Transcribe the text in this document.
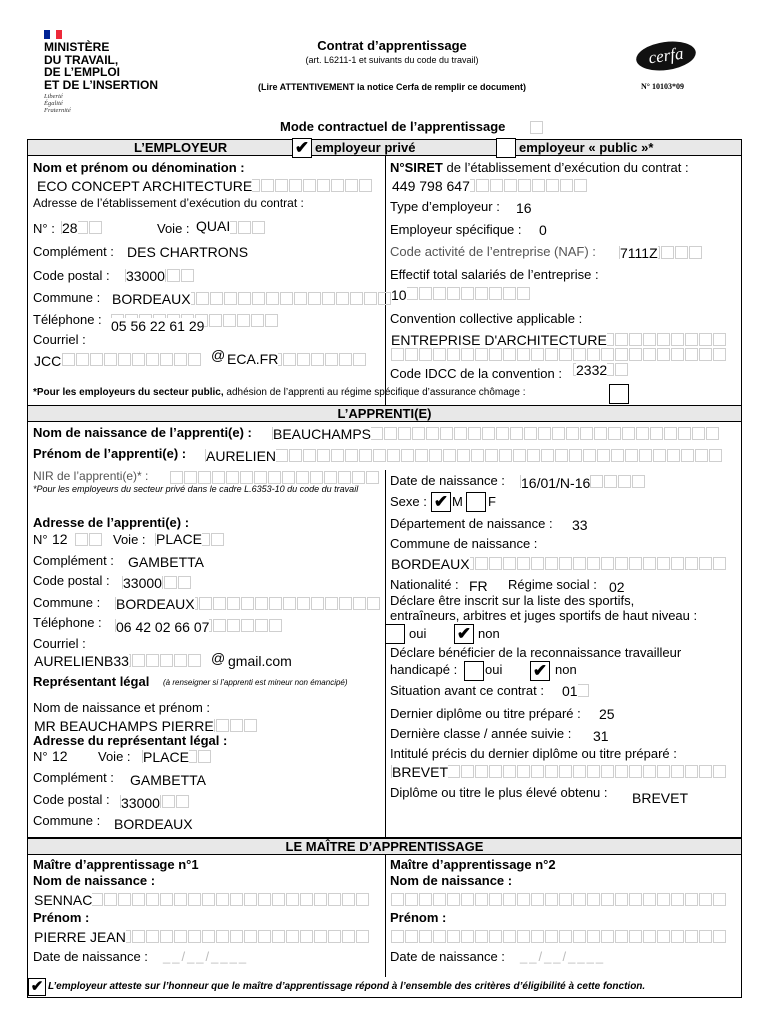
MINISTÈRE
DU TRAVAIL,
DE L’EMPLOI
ET DE L’INSERTION
Liberté
Égalité
Fraternité
Contrat d’apprentissage
(art. L6211-1 et suivants du code du travail)
(Lire ATTENTIVEMENT la notice Cerfa de remplir ce document)
cerfa
N° 10103*09
Mode contractuel de l’apprentissage
L’EMPLOYEUR	✔ employeur privé	employeur « public »*
Nom et prénom ou dénomination :
ECO CONCEPT ARCHITECTURE
Adresse de l’établissement d’exécution du contrat :
N° : 28	Voie : QUAI
Complément : DES CHARTRONS
Code postal : 33000
Commune : BORDEAUX
Téléphone : 05 56 22 61 29
Courriel :
JCC	@ ECA.FR
N°SIRET de l’établissement d’exécution du contrat :
449 798 647
Type d’employeur : 16
Employeur spécifique : 0
Code activité de l’entreprise (NAF) : 7111Z
Effectif total salariés de l’entreprise :
10
Convention collective applicable :
ENTREPRISE D'ARCHITECTURE
Code IDCC de la convention : 2332
*Pour les employeurs du secteur public, adhésion de l’apprenti au régime spécifique d’assurance chômage :
L’APPRENTI(E)
Nom de naissance de l’apprenti(e) : BEAUCHAMPS
Prénom de l’apprenti(e) : AURELIEN
NIR de l’apprenti(e)* :
*Pour les employeurs du secteur privé dans le cadre L.6353-10 du code du travail
Adresse de l’apprenti(e) :
N° 12	Voie : PLACE
Complément : GAMBETTA
Code postal : 33000
Commune : BORDEAUX
Téléphone : 06 42 02 66 07
Courriel :
AURELIENB33	@ gmail.com
Représentant légal (à renseigner si l’apprenti est mineur non émancipé)
Nom de naissance et prénom :
MR BEAUCHAMPS PIERRE
Adresse du représentant légal :
N° 12 Voie : PLACE
Complément : GAMBETTA
Code postal : 33000
Commune : BORDEAUX
Date de naissance : 16/01/N-16
Sexe : ✔ M F
Département de naissance : 33
Commune de naissance :
BORDEAUX
Nationalité : FR Régime social : 02
Déclare être inscrit sur la liste des sportifs,
entraîneurs, arbitres et juges sportifs de haut niveau :
oui ✔ non
Déclare bénéficier de la reconnaissance travailleur
handicapé : oui ✔ non
Situation avant ce contrat : 01
Dernier diplôme ou titre préparé : 25
Dernière classe / année suivie : 31
Intitulé précis du dernier diplôme ou titre préparé :
BREVET
Diplôme ou titre le plus élevé obtenu : BREVET
LE MAÎTRE D’APPRENTISSAGE
Maître d’apprentissage n°1	Maître d’apprentissage n°2
Nom de naissance :
SENNAC
Nom de naissance :
Prénom :
PIERRE JEAN
Prénom :
Date de naissance : __/__/____	Date de naissance : __/__/____
✔ L’employeur atteste sur l’honneur que le maître d’apprentissage répond à l’ensemble des critères d’éligibilité à cette fonction.
